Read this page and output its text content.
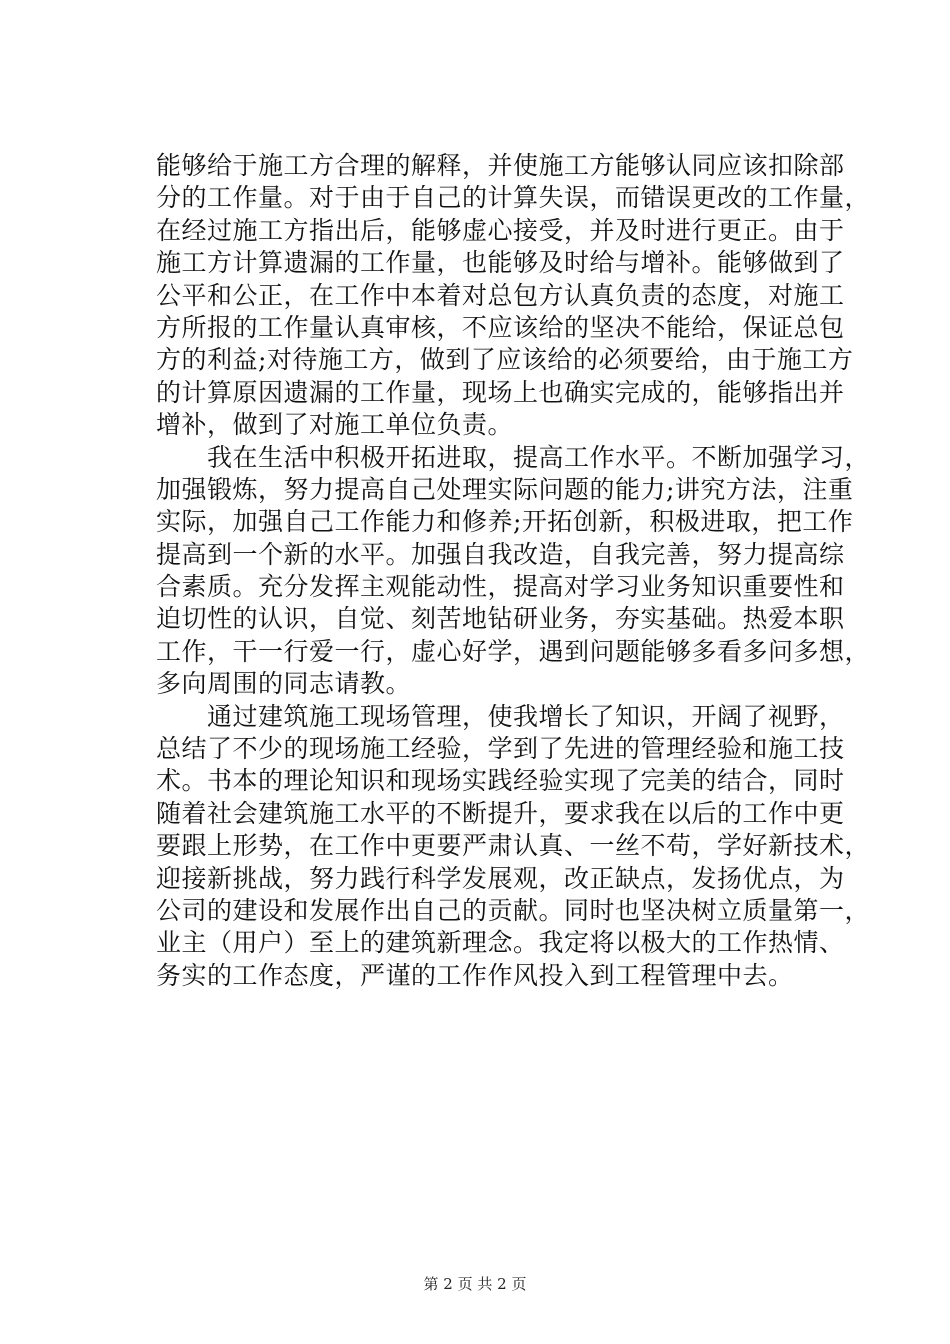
能够给于施工方合理的解释，并使施工方能够认同应该扣除部
分的工作量。对于由于自己的计算失误，而错误更改的工作量，
在经过施工方指出后，能够虚心接受，并及时进行更正。由于
施工方计算遗漏的工作量，也能够及时给与增补。能够做到了
公平和公正，在工作中本着对总包方认真负责的态度，对施工
方所报的工作量认真审核，不应该给的坚决不能给，保证总包
方的利益;对待施工方，做到了应该给的必须要给，由于施工方
的计算原因遗漏的工作量，现场上也确实完成的，能够指出并
增补，做到了对施工单位负责。
　　我在生活中积极开拓进取，提高工作水平。不断加强学习，
加强锻炼，努力提高自己处理实际问题的能力;讲究方法，注重
实际，加强自己工作能力和修养;开拓创新，积极进取，把工作
提高到一个新的水平。加强自我改造，自我完善，努力提高综
合素质。充分发挥主观能动性，提高对学习业务知识重要性和
迫切性的认识，自觉、刻苦地钻研业务，夯实基础。热爱本职
工作，干一行爱一行，虚心好学，遇到问题能够多看多问多想，
多向周围的同志请教。
　　通过建筑施工现场管理，使我增长了知识，开阔了视野，
总结了不少的现场施工经验，学到了先进的管理经验和施工技
术。书本的理论知识和现场实践经验实现了完美的结合，同时
随着社会建筑施工水平的不断提升，要求我在以后的工作中更
要跟上形势，在工作中更要严肃认真、一丝不苟，学好新技术，
迎接新挑战，努力践行科学发展观，改正缺点，发扬优点，为
公司的建设和发展作出自己的贡献。同时也坚决树立质量第一，
业主（用户）至上的建筑新理念。我定将以极大的工作热情、
务实的工作态度，严谨的工作作风投入到工程管理中去。
第 2 页 共 2 页
